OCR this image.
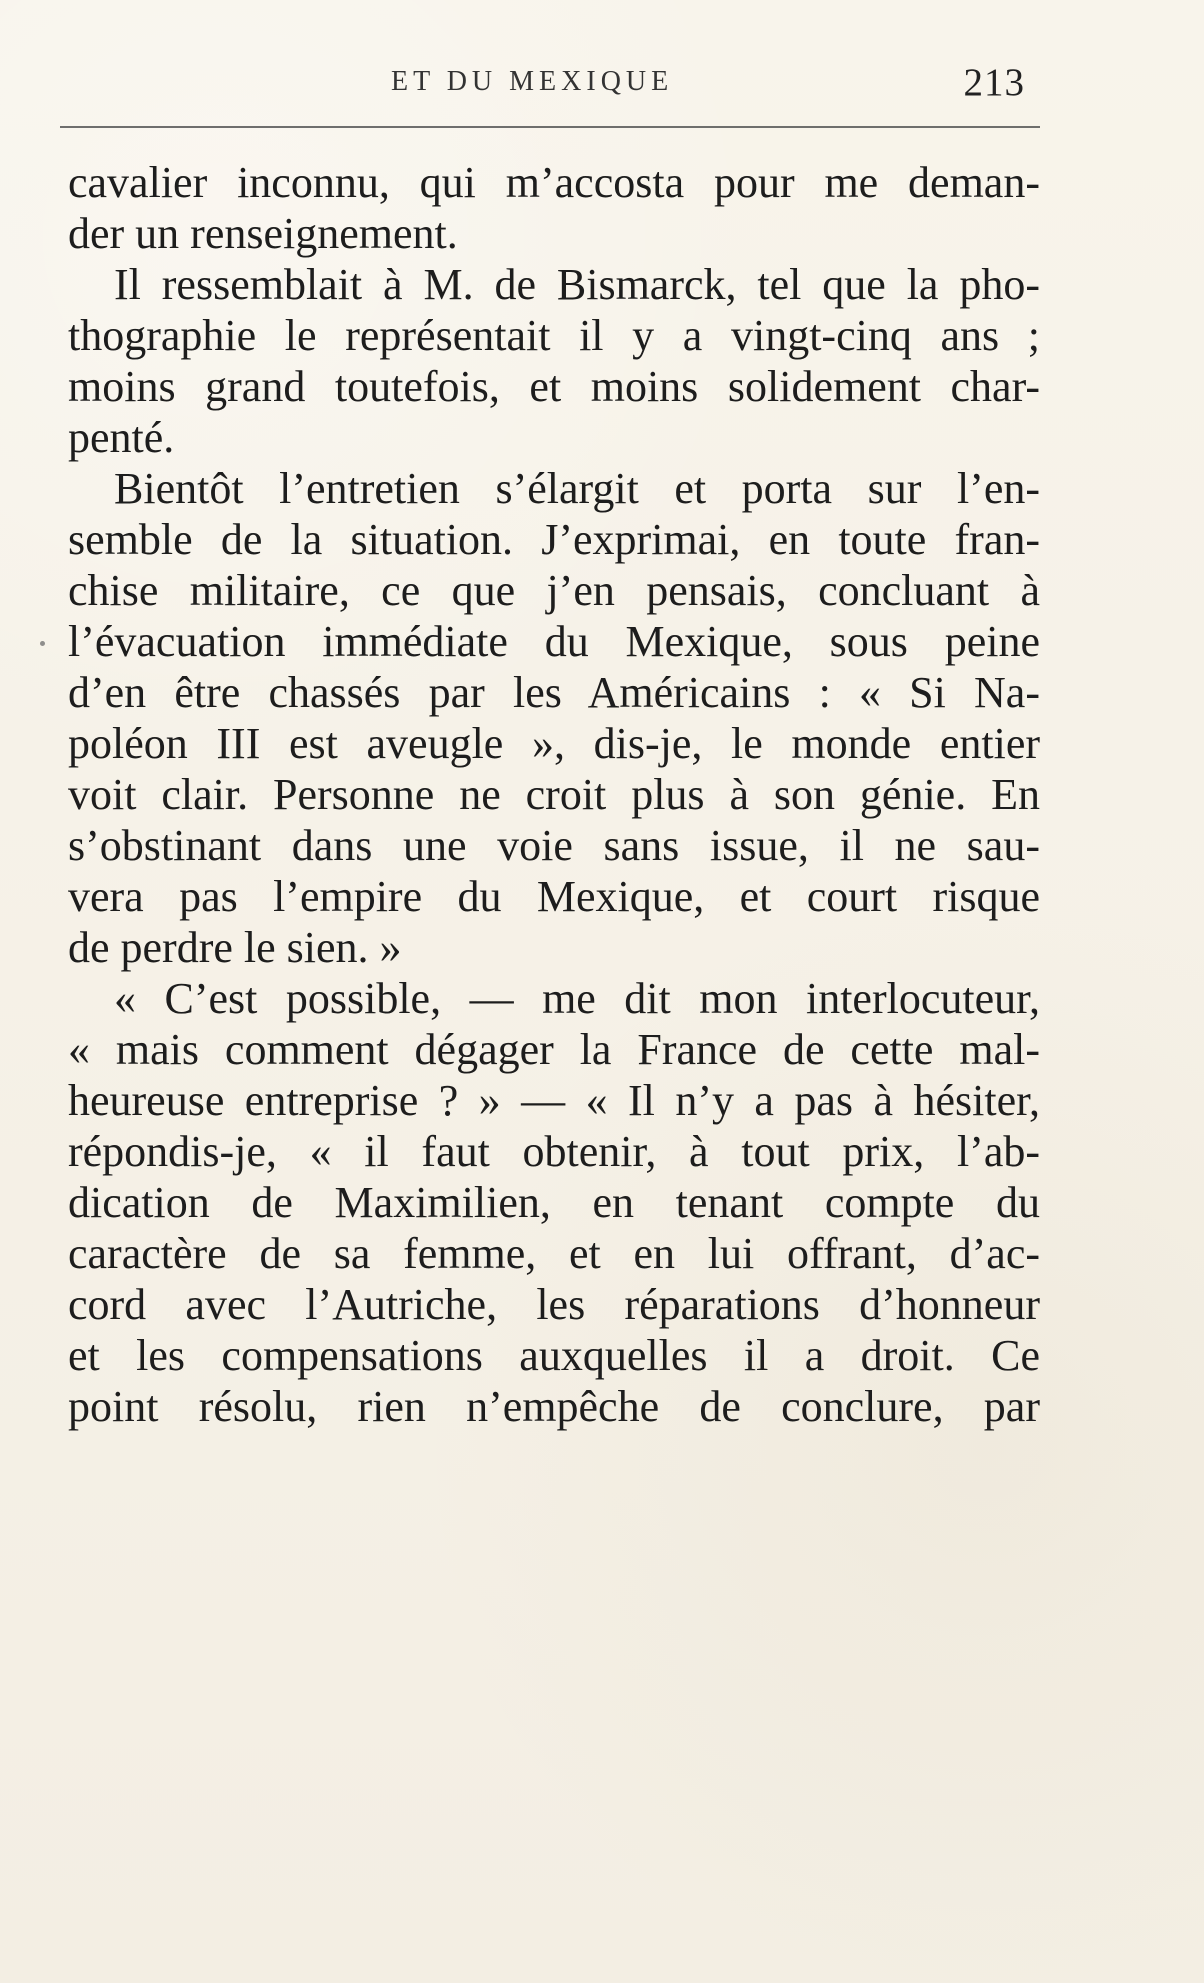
ET DU MEXIQUE	213
cavalier inconnu, qui m’accosta pour me deman-
der un renseignement.
Il ressemblait à M. de Bismarck, tel que la pho-
thographie le représentait il y a vingt-cinq ans ;
moins grand toutefois, et moins solidement char-
penté.
Bientôt l’entretien s’élargit et porta sur l’en-
semble de la situation. J’exprimai, en toute fran-
chise militaire, ce que j’en pensais, concluant à
l’évacuation immédiate du Mexique, sous peine
d’en être chassés par les Américains : « Si Na-
poléon III est aveugle », dis-je, le monde entier
voit clair. Personne ne croit plus à son génie. En
s’obstinant dans une voie sans issue, il ne sau-
vera pas l’empire du Mexique, et court risque
de perdre le sien. »
« C’est possible, — me dit mon interlocuteur,
« mais comment dégager la France de cette mal-
heureuse entreprise ? » — « Il n’y a pas à hésiter,
répondis-je, « il faut obtenir, à tout prix, l’ab-
dication de Maximilien, en tenant compte du
caractère de sa femme, et en lui offrant, d’ac-
cord avec l’Autriche, les réparations d’honneur
et les compensations auxquelles il a droit. Ce
point résolu, rien n’empêche de conclure, par
